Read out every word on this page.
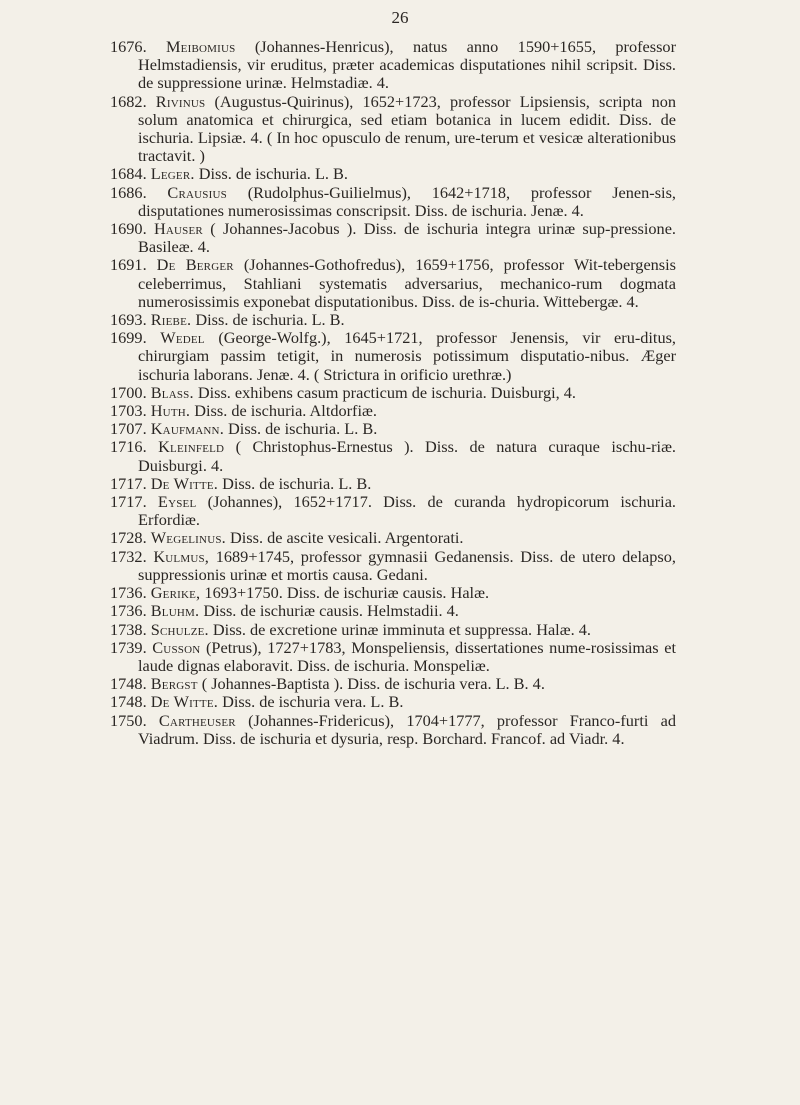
26
1676. Meibomius (Johannes-Henricus), natus anno 1590+1655, professor Helmstadiensis, vir eruditus, præter academicas disputationes nihil scripsit. Diss. de suppressione urinæ. Helmstadiæ. 4.
1682. Rivinus (Augustus-Quirinus), 1652+1723, professor Lipsiensis, scripta non solum anatomica et chirurgica, sed etiam botanica in lucem edidit. Diss. de ischuria. Lipsiæ. 4. ( In hoc opusculo de renum, ure-terum et vesicæ alterationibus tractavit. )
1684. Leger. Diss. de ischuria. L. B.
1686. Crausius (Rudolphus-Guilielmus), 1642+1718, professor Jenen-sis, disputationes numerosissimas conscripsit. Diss. de ischuria. Jenæ. 4.
1690. Hauser ( Johannes-Jacobus ). Diss. de ischuria integra urinæ sup-pressione. Basileæ. 4.
1691. De Berger (Johannes-Gothofredus), 1659+1756, professor Wit-tebergensis celeberrimus, Stahliani systematis adversarius, mechanico-rum dogmata numerosissimis exponebat disputationibus. Diss. de is-churia. Wittebergæ. 4.
1693. Riebe. Diss. de ischuria. L. B.
1699. Wedel (George-Wolfg.), 1645+1721, professor Jenensis, vir eru-ditus, chirurgiam passim tetigit, in numerosis potissimum disputatio-nibus. Æger ischuria laborans. Jenæ. 4. ( Strictura in orificio urethræ.)
1700. Blass. Diss. exhibens casum practicum de ischuria. Duisburgi, 4.
1703. Huth. Diss. de ischuria. Altdorfiæ.
1707. Kaufmann. Diss. de ischuria. L. B.
1716. Kleinfeld ( Christophus-Ernestus ). Diss. de natura curaque ischu-riæ. Duisburgi. 4.
1717. De Witte. Diss. de ischuria. L. B.
1717. Eysel (Johannes), 1652+1717. Diss. de curanda hydropicorum ischuria. Erfordiæ.
1728. Wegelinus. Diss. de ascite vesicali. Argentorati.
1732. Kulmus, 1689+1745, professor gymnasii Gedanensis. Diss. de utero delapso, suppressionis urinæ et mortis causa. Gedani.
1736. Gerike, 1693+1750. Diss. de ischuriæ causis. Halæ.
1736. Bluhm. Diss. de ischuriæ causis. Helmstadii. 4.
1738. Schulze. Diss. de excretione urinæ imminuta et suppressa. Halæ. 4.
1739. Cusson (Petrus), 1727+1783, Monspeliensis, dissertationes nume-rosissimas et laude dignas elaboravit. Diss. de ischuria. Monspeliæ.
1748. Bergst ( Johannes-Baptista ). Diss. de ischuria vera. L. B. 4.
1748. De Witte. Diss. de ischuria vera. L. B.
1750. Cartheuser (Johannes-Fridericus), 1704+1777, professor Franco-furti ad Viadrum. Diss. de ischuria et dysuria, resp. Borchard. Francof. ad Viadr. 4.
